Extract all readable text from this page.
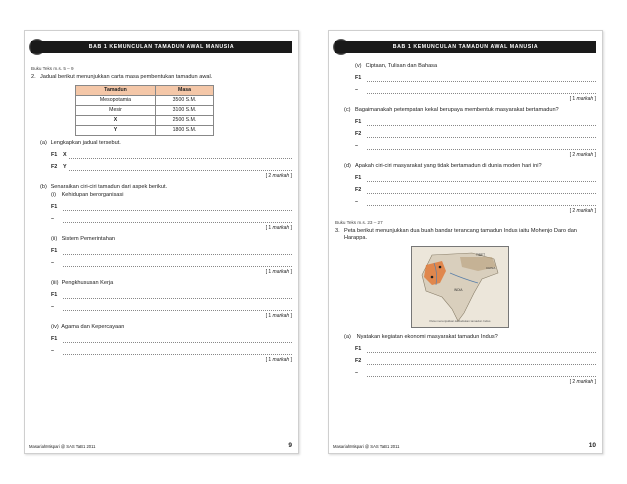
BAB 1 KEMUNCULAN TAMADUN AWAL MANUSIA
Buku Teks m.s. 5 – 9
2. Jadual berikut menunjukkan carta masa pembentukan tamadun awal.
Tamadun	Masa
Mesopotamia	3500 S.M.
Mesir	3100 S.M.
X	2500 S.M.
Y	1800 S.M.
(a) Lengkapkan jadual tersebut.
F1	X
F2	Y
[ 2 markah ]
(b) Senaraikan ciri-ciri tamadun dari aspek berikut.
(i) Kehidupan berorganisasi
F1
–
[ 1 markah ]
(ii) Sistem Pemerintahan
F1
–
[ 1 markah ]
(iii) Pengkhususan Kerja
F1
–
[ 1 markah ]
(iv) Agama dan Kepercayaan
F1
–
[ 1 markah ]
MasariahMispari @ SAS TaB1 2011	9
BAB 1 KEMUNCULAN TAMADUN AWAL MANUSIA
(v) Ciptaan, Tulisan dan Bahasa
F1
–
[ 1 markah ]
(c) Bagaimanakah petempatan kekal berupaya membentuk masyarakat bertamadun?
F1
F2
–
[ 2 markah ]
(d) Apakah ciri-ciri masyarakat yang tidak bertamadun di dunia moden hari ini?
F1
F2
–
[ 2 markah ]
Buku Teks m.s. 23 – 27
3. Peta berikut menunjukkan dua buah bandar terancang tamadun Indus iaitu Mohenjo Daro dan Harappa.
TIBET
CHINA
INDIA
Peta menunjukkan kedudukan tamadun Indus
(a) Nyatakan kegiatan ekonomi masyarakat tamadun Indus?
F1
F2
–
[ 2 markah ]
MasariahMispari @ SAS TaB1 2011	10
